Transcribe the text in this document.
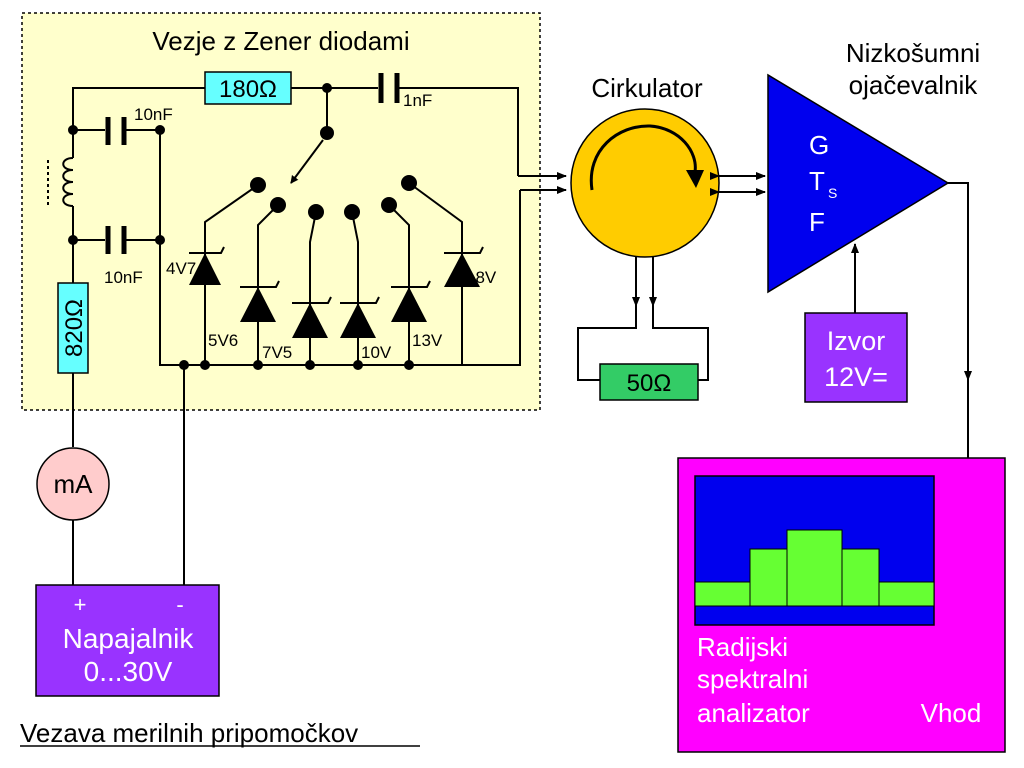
Vezje z Zener diodami
10nF
10nF
820Ω
180Ω	1nF
4V7
5V6
7V5	10V
13V
18V
Cirkulator
50Ω
Nizkošumni
ojačevalnik
G
T S
F
Izvor
12V=
mA
+	-
Napajalnik
0...30V
Vezava merilnih pripomočkov
Radijski
spektralni
analizator	Vhod
